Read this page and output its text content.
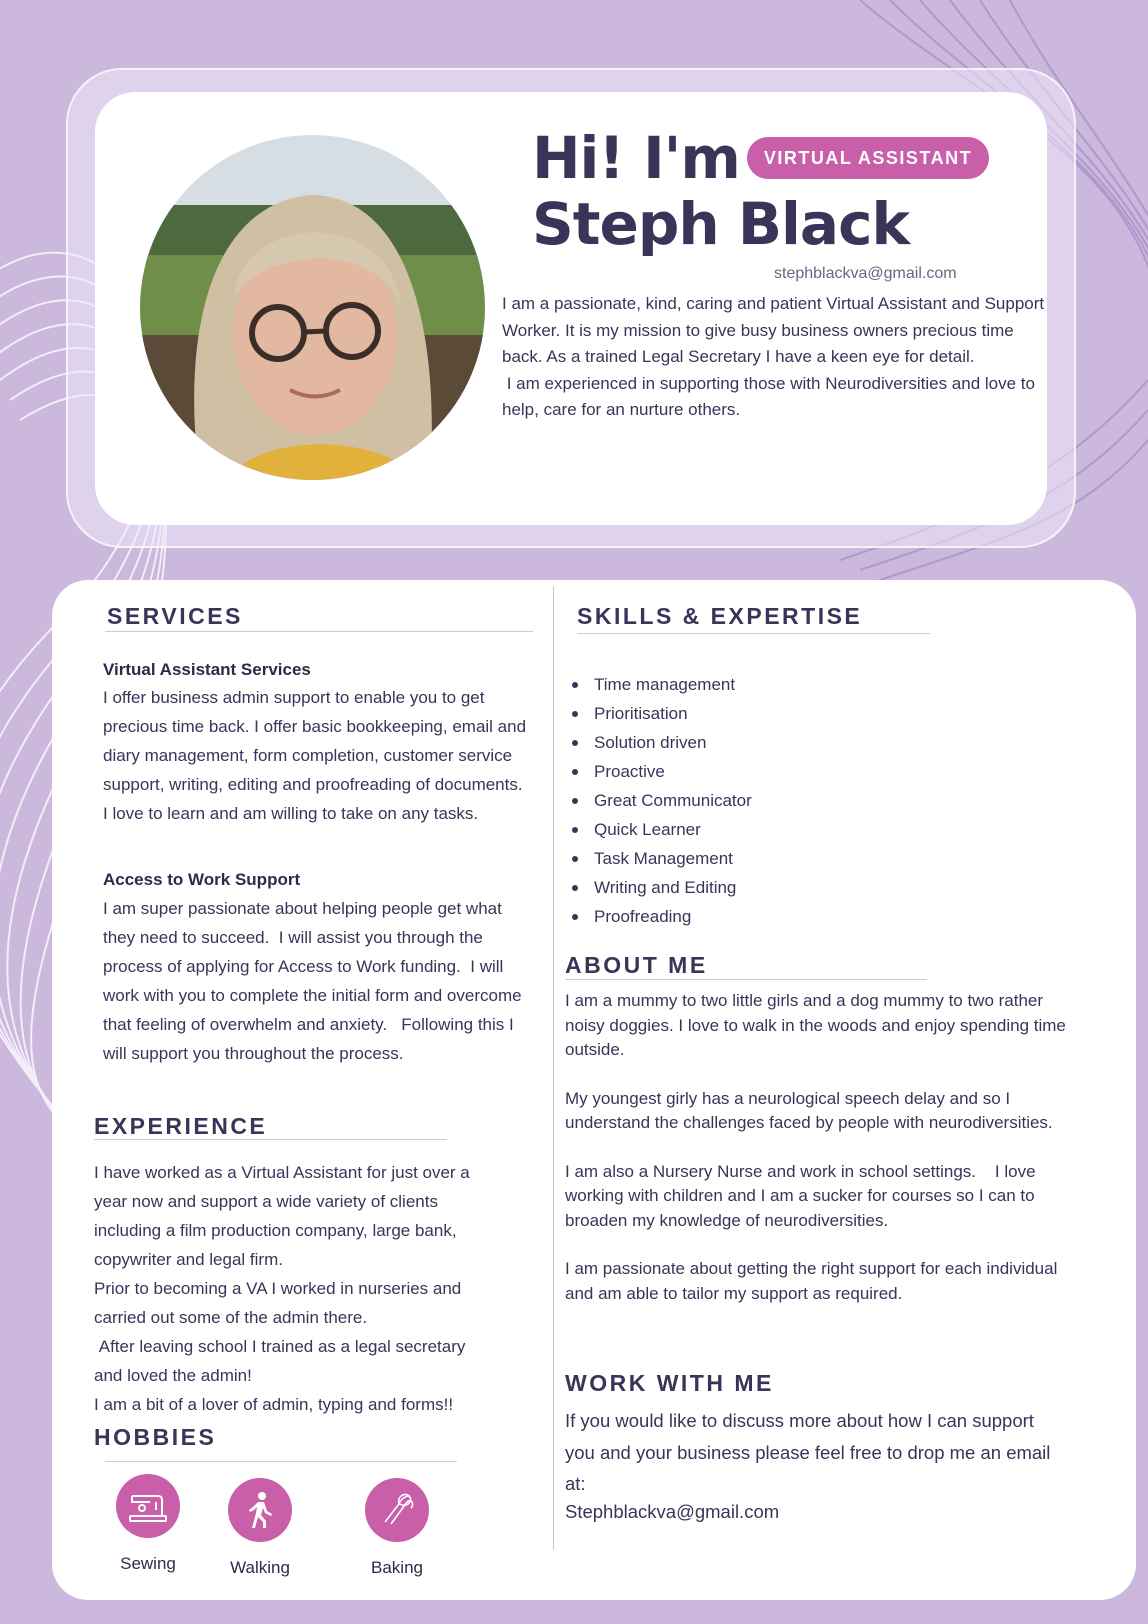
Hi! I'm
Steph Black
VIRTUAL ASSISTANT
stephblackva@gmail.com
I am a passionate, kind, caring and patient Virtual Assistant and Support Worker. It is my mission to give busy business owners precious time back. As a trained Legal Secretary I have a keen eye for detail.
I am experienced in supporting those with Neurodiversities and love to help, care for an nurture others.
SERVICES
Virtual Assistant Services
I offer business admin support to enable you to get precious time back. I offer basic bookkeeping, email and diary management, form completion, customer service support, writing, editing and proofreading of documents. I love to learn and am willing to take on any tasks.
Access to Work Support
I am super passionate about helping people get what they need to succeed.  I will assist you through the process of applying for Access to Work funding.  I will work with you to complete the initial form and overcome that feeling of overwhelm and anxiety.   Following this I will support you throughout the process.
EXPERIENCE
I have worked as a Virtual Assistant for just over a year now and support a wide variety of clients including a film production company, large bank, copywriter and legal firm.
Prior to becoming a VA I worked in nurseries and carried out some of the admin there.
After leaving school I trained as a legal secretary and loved the admin!
I am a bit of a lover of admin, typing and forms!!
HOBBIES
Sewing	Walking	Baking
SKILLS & EXPERTISE
Time management
Prioritisation
Solution driven
Proactive
Great Communicator
Quick Learner
Task Management
Writing and Editing
Proofreading
ABOUT ME
I am a mummy to two little girls and a dog mummy to two rather noisy doggies. I love to walk in the woods and enjoy spending time outside.
My youngest girly has a neurological speech delay and so I understand the challenges faced by people with neurodiversities.
I am also a Nursery Nurse and work in school settings.    I love working with children and I am a sucker for courses so I can to broaden my knowledge of neurodiversities.
I am passionate about getting the right support for each individual and am able to tailor my support as required.
WORK WITH ME
If you would like to discuss more about how I can support you and your business please feel free to drop me an email at:
Stephblackva@gmail.com
